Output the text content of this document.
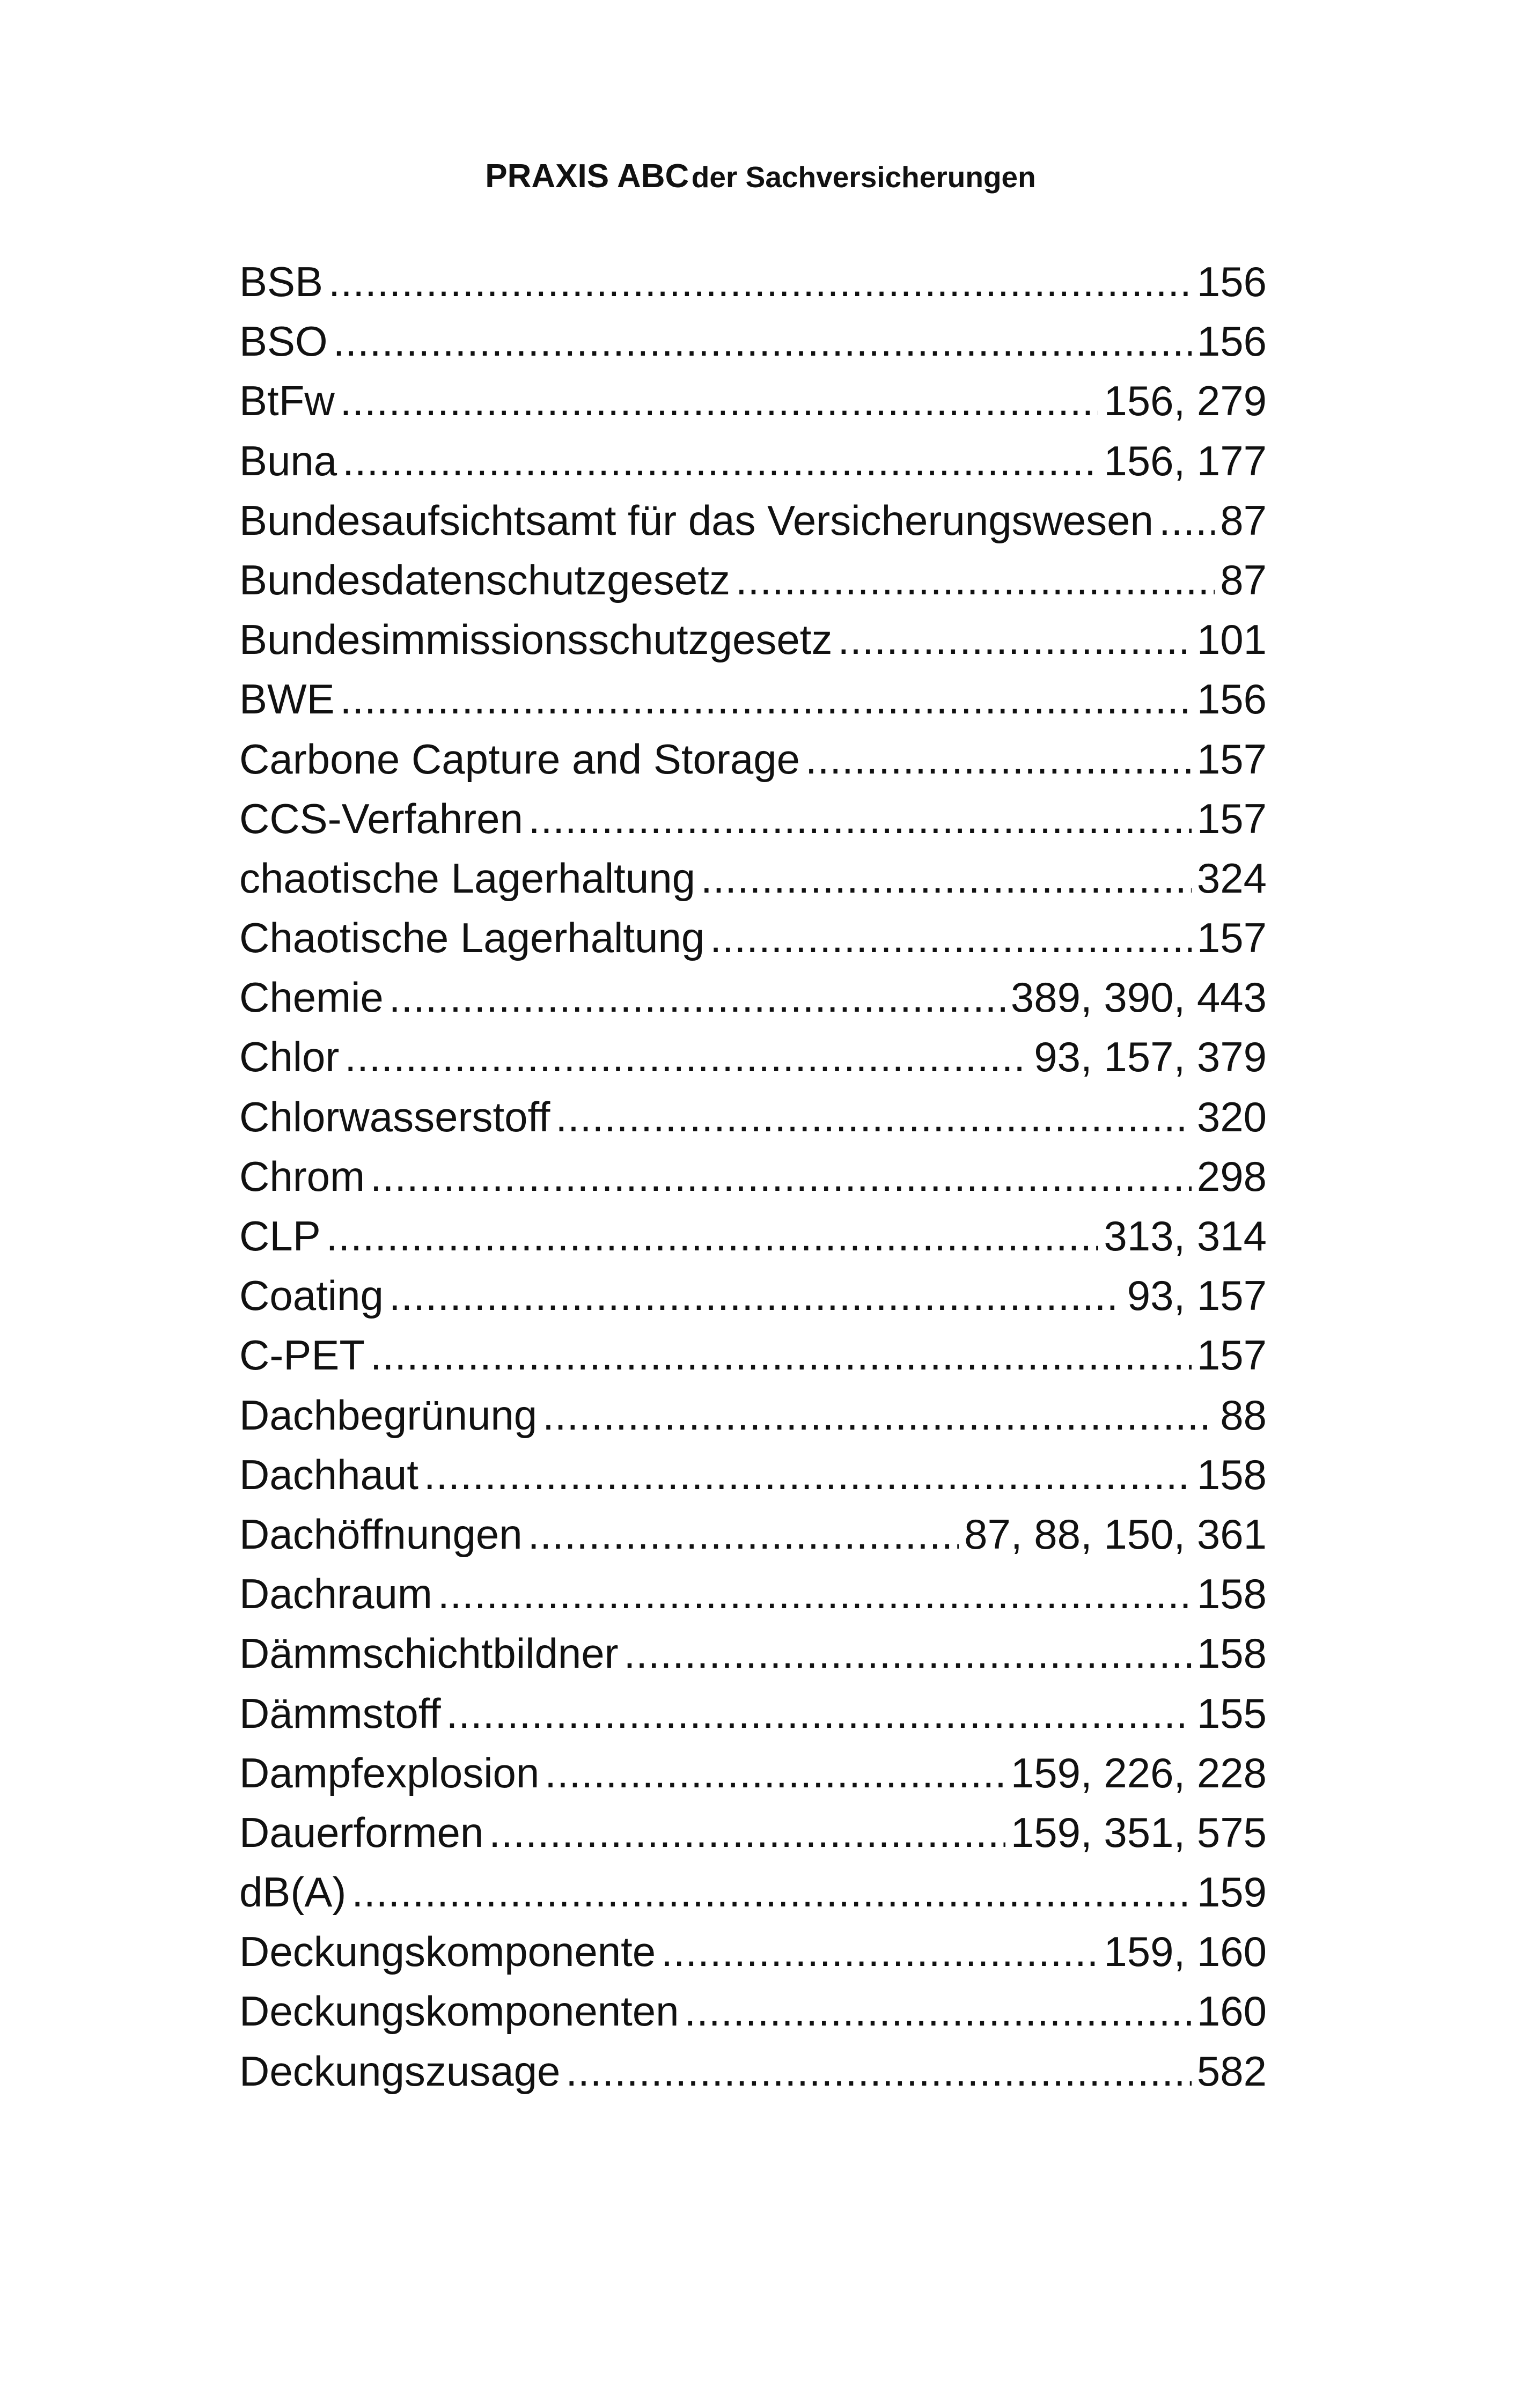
PRAXIS ABC der Sachversicherungen
BSB .....	156
BSO .....	156
BtFw .....	156, 279
Buna .....	156, 177
Bundesaufsichtsamt für das Versicherungswesen ..... 87
Bundesdatenschutzgesetz .....	87
Bundesimmissionsschutzgesetz .....	101
BWE .....	156
Carbone Capture and Storage .....	157
CCS-Verfahren .....	157
chaotische Lagerhaltung .....	324
Chaotische Lagerhaltung .....	157
Chemie .....	389, 390, 443
Chlor .....	93, 157, 379
Chlorwasserstoff .....	320
Chrom .....	298
CLP .....	313, 314
Coating .....	93, 157
C-PET .....	157
Dachbegrünung .....	88
Dachhaut .....	158
Dachöffnungen .....	87, 88, 150, 361
Dachraum .....	158
Dämmschichtbildner .....	158
Dämmstoff .....	155
Dampfexplosion .....	159, 226, 228
Dauerformen .....	159, 351, 575
dB(A) .....	159
Deckungskomponente .....	159, 160
Deckungskomponenten .....	160
Deckungszusage .....	582
